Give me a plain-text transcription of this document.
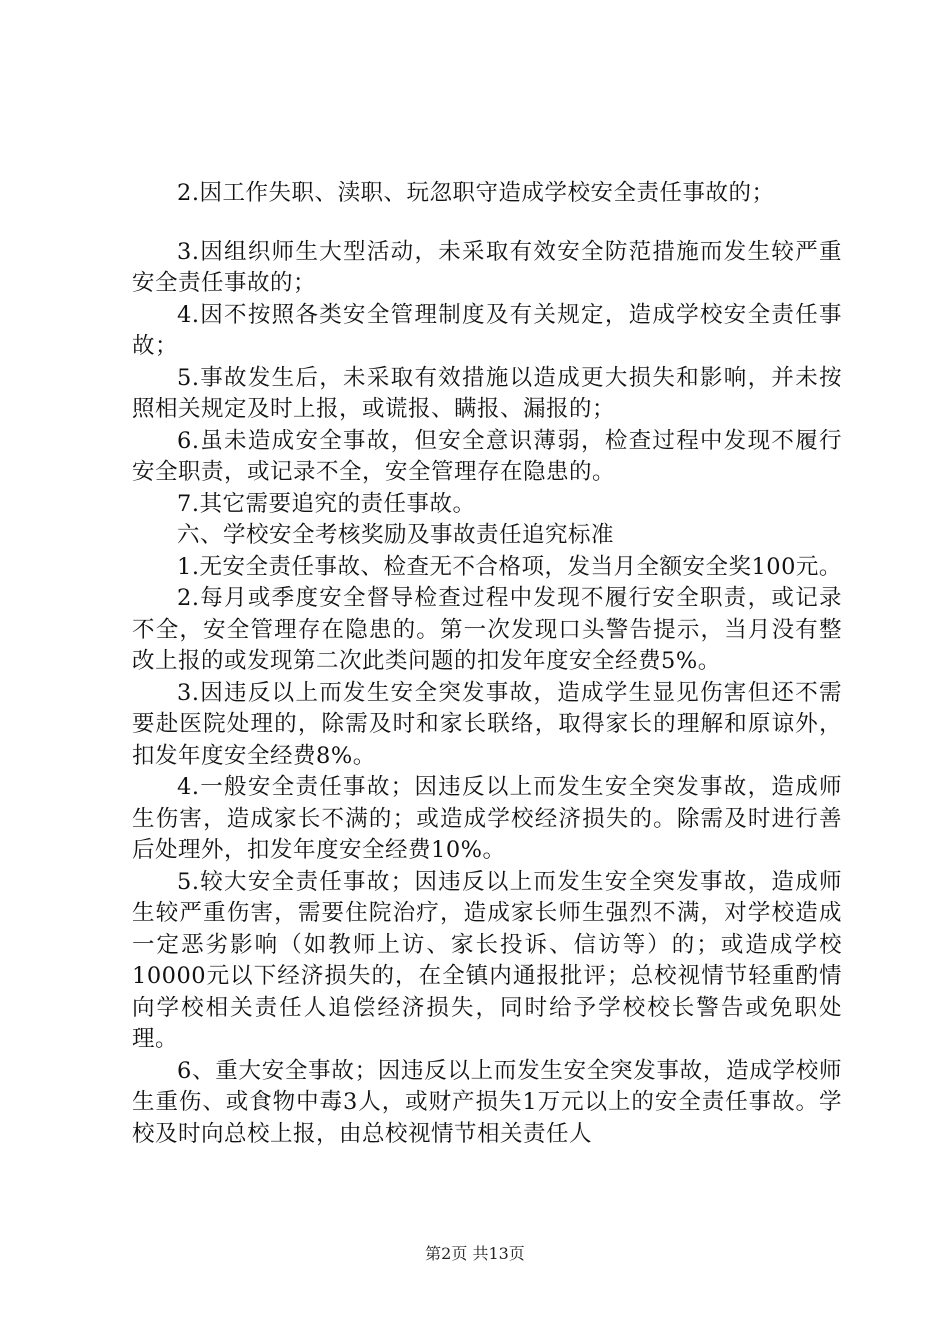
2.因工作失职、渎职、玩忽职守造成学校安全责任事故的；

3.因组织师生大型活动，未采取有效安全防范措施而发生较严重安全责任事故的；

4.因不按照各类安全管理制度及有关规定，造成学校安全责任事故；

5.事故发生后，未采取有效措施以造成更大损失和影响，并未按照相关规定及时上报，或谎报、瞒报、漏报的；

6.虽未造成安全事故，但安全意识薄弱，检查过程中发现不履行安全职责，或记录不全，安全管理存在隐患的。

7.其它需要追究的责任事故。

六、学校安全考核奖励及事故责任追究标准

1.无安全责任事故、检查无不合格项，发当月全额安全奖100元。

2.每月或季度安全督导检查过程中发现不履行安全职责，或记录不全，安全管理存在隐患的。第一次发现口头警告提示，当月没有整改上报的或发现第二次此类问题的扣发年度安全经费5%。

3.因违反以上而发生安全突发事故，造成学生显见伤害但还不需要赴医院处理的，除需及时和家长联络，取得家长的理解和原谅外，扣发年度安全经费8%。

4.一般安全责任事故；因违反以上而发生安全突发事故，造成师生伤害，造成家长不满的；或造成学校经济损失的。除需及时进行善后处理外，扣发年度安全经费10%。

5.较大安全责任事故；因违反以上而发生安全突发事故，造成师生较严重伤害，需要住院治疗，造成家长师生强烈不满，对学校造成一定恶劣影响（如教师上访、家长投诉、信访等）的；或造成学校10000元以下经济损失的，在全镇内通报批评；总校视情节轻重酌情向学校相关责任人追偿经济损失，同时给予学校校长警告或免职处理。

6、重大安全事故；因违反以上而发生安全突发事故，造成学校师生重伤、或食物中毒3人，或财产损失1万元以上的安全责任事故。学校及时向总校上报，由总校视情节相关责任人

第2页 共13页
